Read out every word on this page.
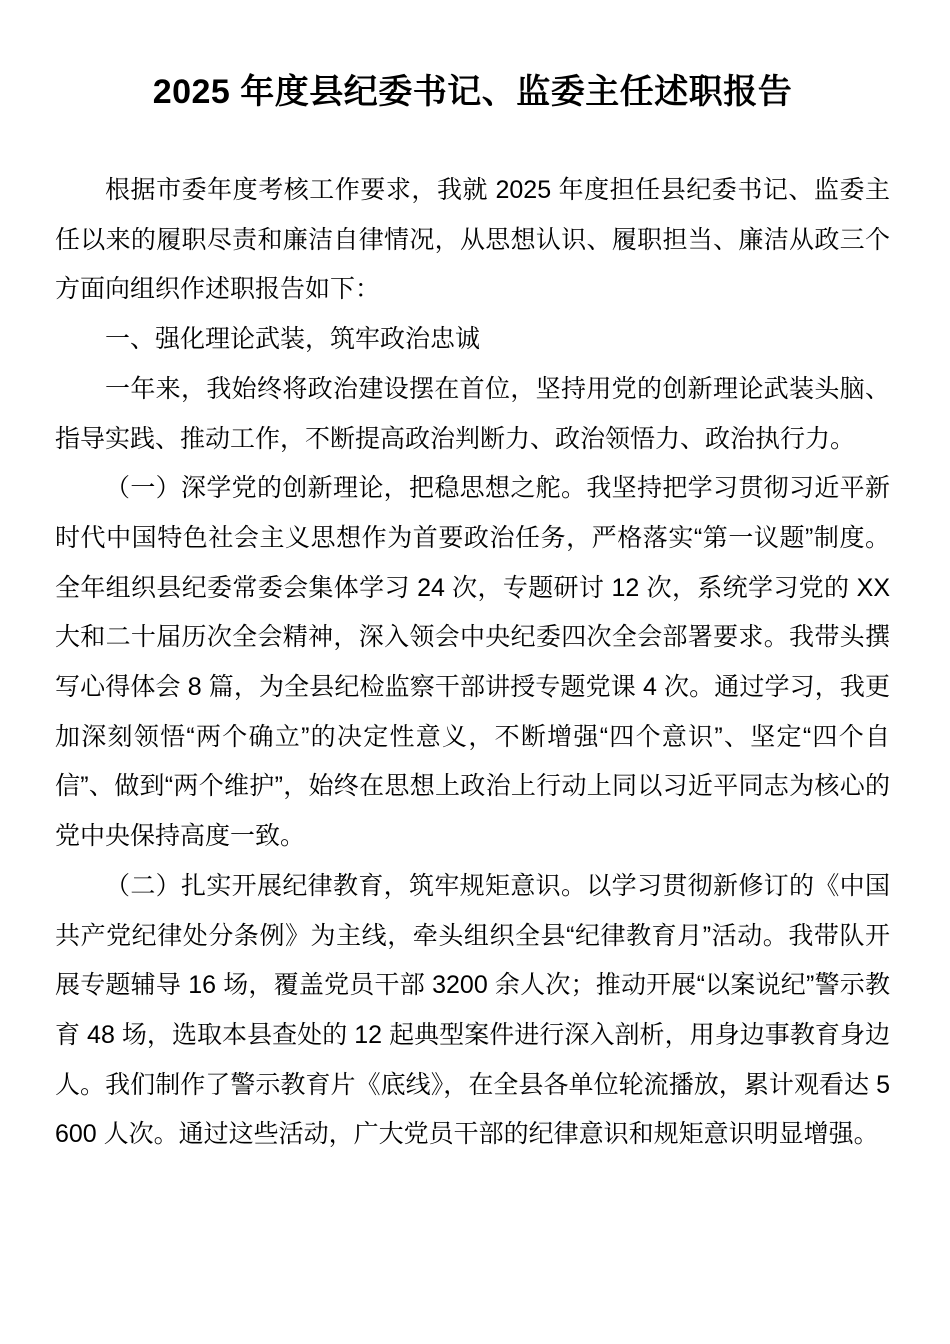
2025 年度县纪委书记、监委主任述职报告

根据市委年度考核工作要求，我就 2025 年度担任县纪委书记、监委主任以来的履职尽责和廉洁自律情况，从思想认识、履职担当、廉洁从政三个方面向组织作述职报告如下：

一、强化理论武装，筑牢政治忠诚

一年来，我始终将政治建设摆在首位，坚持用党的创新理论武装头脑、指导实践、推动工作，不断提高政治判断力、政治领悟力、政治执行力。

（一）深学党的创新理论，把稳思想之舵。我坚持把学习贯彻习近平新时代中国特色社会主义思想作为首要政治任务，严格落实“第一议题”制度。全年组织县纪委常委会集体学习 24 次，专题研讨 12 次，系统学习党的 XX 大和二十届历次全会精神，深入领会中央纪委四次全会部署要求。我带头撰写心得体会 8 篇，为全县纪检监察干部讲授专题党课 4 次。通过学习，我更加深刻领悟“两个确立”的决定性意义，不断增强“四个意识”、坚定“四个自信”、做到“两个维护”，始终在思想上政治上行动上同以习近平同志为核心的党中央保持高度一致。

（二）扎实开展纪律教育，筑牢规矩意识。以学习贯彻新修订的《中国共产党纪律处分条例》为主线，牵头组织全县“纪律教育月”活动。我带队开展专题辅导 16 场，覆盖党员干部 3200 余人次；推动开展“以案说纪”警示教育 48 场，选取本县查处的 12 起典型案件进行深入剖析，用身边事教育身边人。我们制作了警示教育片《底线》，在全县各单位轮流播放，累计观看达 5600 人次。通过这些活动，广大党员干部的纪律意识和规矩意识明显增强。
